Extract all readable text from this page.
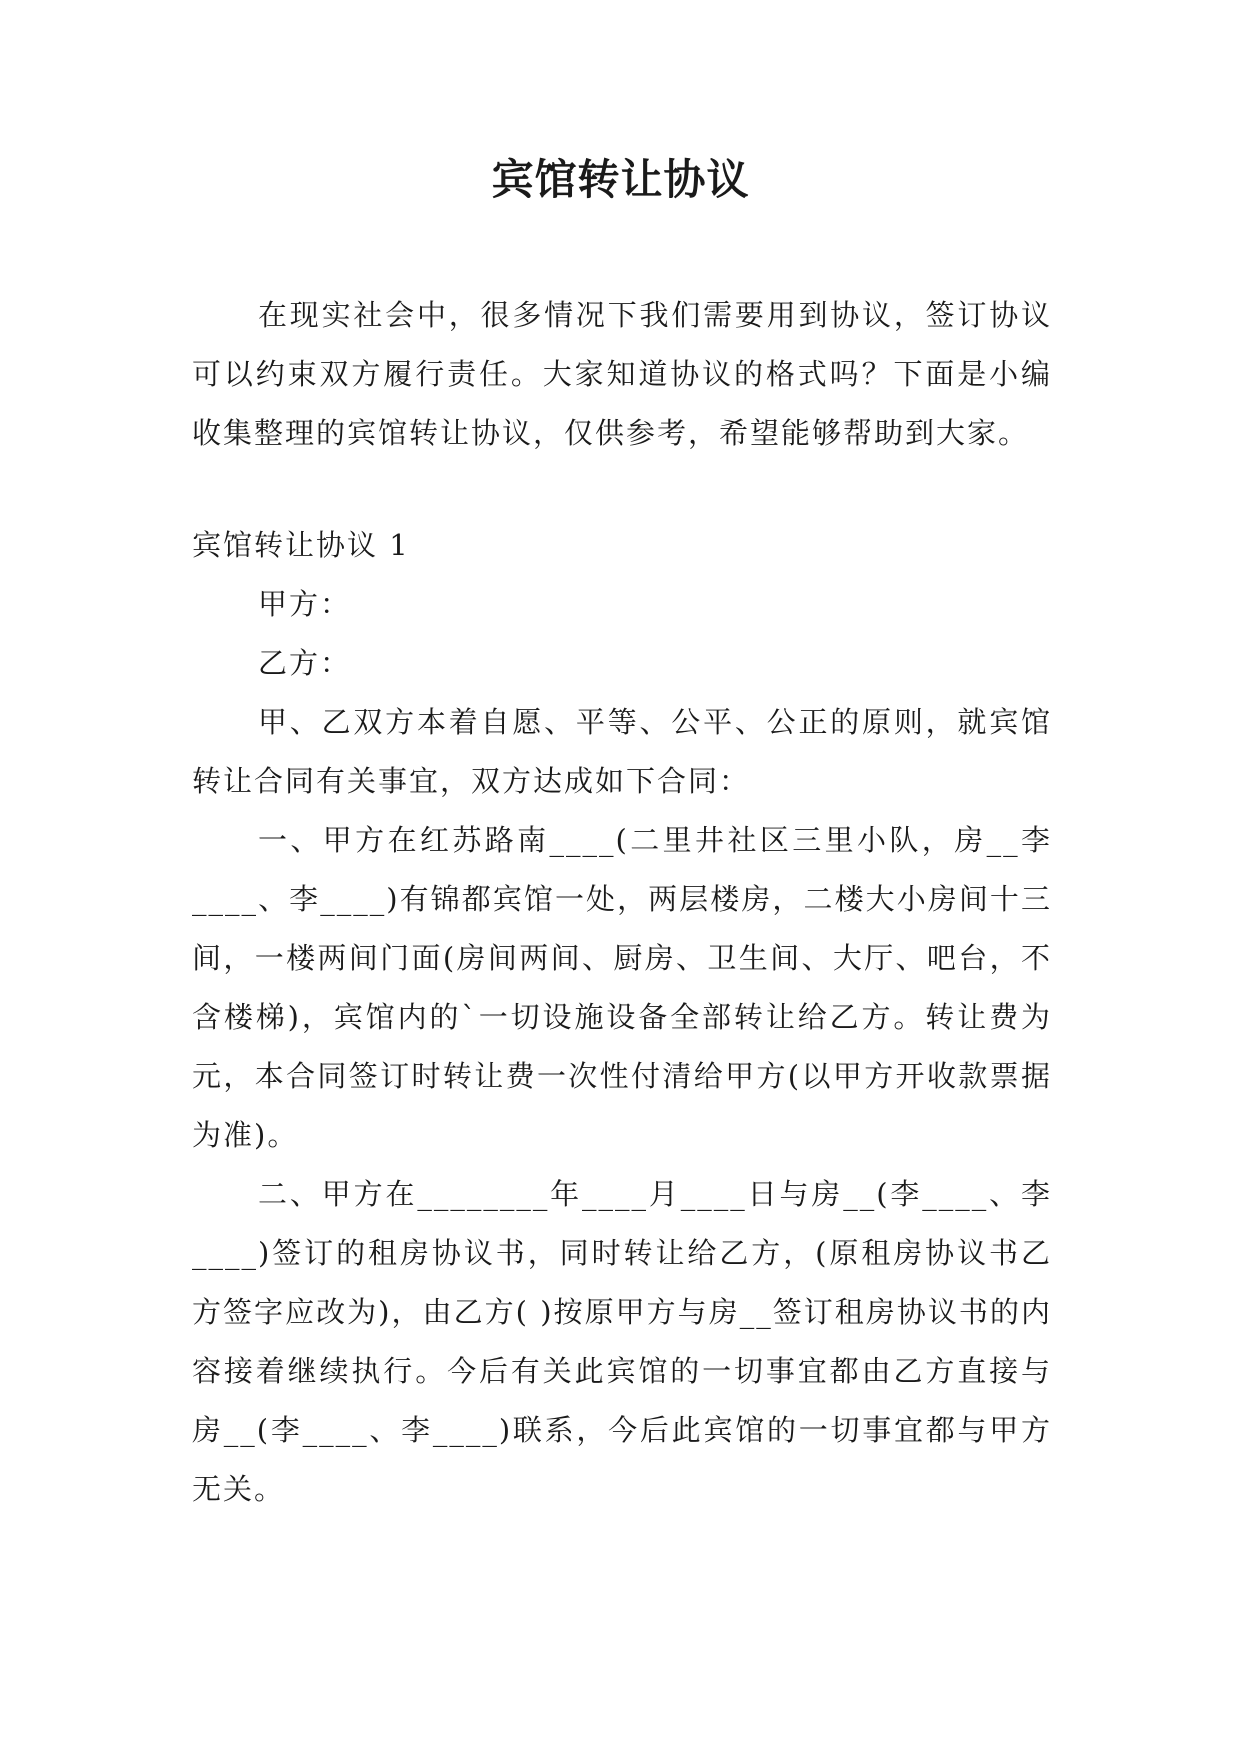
宾馆转让协议

在现实社会中，很多情况下我们需要用到协议，签订协议可以约束双方履行责任。大家知道协议的格式吗？下面是小编收集整理的宾馆转让协议，仅供参考，希望能够帮助到大家。

宾馆转让协议 1

甲方：

乙方：

甲、乙双方本着自愿、平等、公平、公正的原则，就宾馆转让合同有关事宜，双方达成如下合同：

一、甲方在红苏路南____(二里井社区三里小队，房__李____、李____)有锦都宾馆一处，两层楼房，二楼大小房间十三间，一楼两间门面(房间两间、厨房、卫生间、大厅、吧台，不含楼梯)，宾馆内的`一切设施设备全部转让给乙方。转让费为元，本合同签订时转让费一次性付清给甲方(以甲方开收款票据为准)。

二、甲方在________年____月____日与房__(李____、李____)签订的租房协议书，同时转让给乙方，(原租房协议书乙方签字应改为)，由乙方( )按原甲方与房__签订租房协议书的内容接着继续执行。今后有关此宾馆的一切事宜都由乙方直接与房__(李____、李____)联系，今后此宾馆的一切事宜都与甲方无关。
